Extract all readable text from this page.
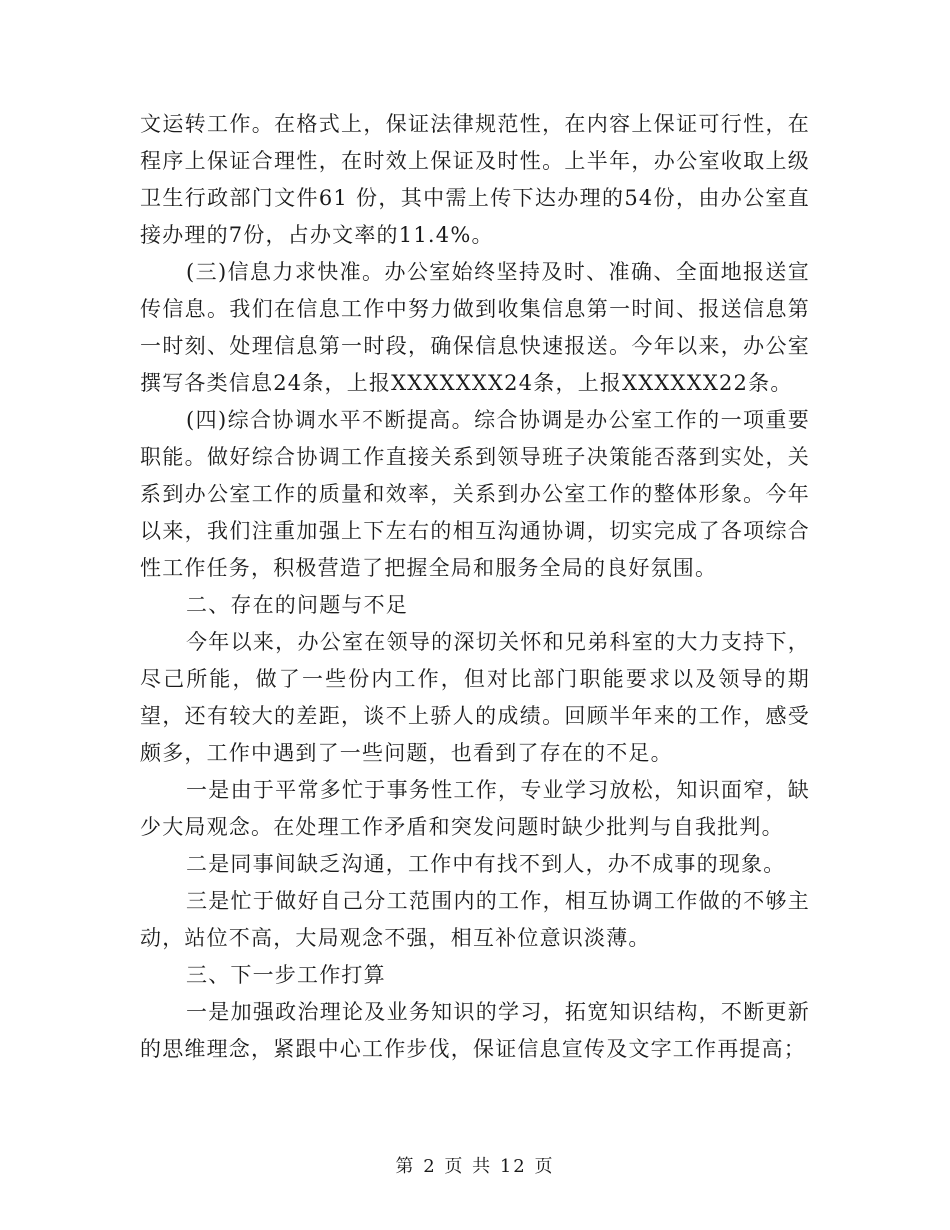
文运转工作。在格式上，保证法律规范性，在内容上保证可行性，在程序上保证合理性，在时效上保证及时性。上半年，办公室收取上级卫生行政部门文件61 份，其中需上传下达办理的54份，由办公室直接办理的7份，占办文率的11.4%。

(三)信息力求快准。办公室始终坚持及时、准确、全面地报送宣传信息。我们在信息工作中努力做到收集信息第一时间、报送信息第一时刻、处理信息第一时段，确保信息快速报送。今年以来，办公室撰写各类信息24条，上报XXXXXXX24条，上报XXXXXX22条。

(四)综合协调水平不断提高。综合协调是办公室工作的一项重要职能。做好综合协调工作直接关系到领导班子决策能否落到实处，关系到办公室工作的质量和效率，关系到办公室工作的整体形象。今年以来，我们注重加强上下左右的相互沟通协调，切实完成了各项综合性工作任务，积极营造了把握全局和服务全局的良好氛围。

二、存在的问题与不足

今年以来，办公室在领导的深切关怀和兄弟科室的大力支持下，尽己所能，做了一些份内工作，但对比部门职能要求以及领导的期望，还有较大的差距，谈不上骄人的成绩。回顾半年来的工作，感受颇多，工作中遇到了一些问题，也看到了存在的不足。

一是由于平常多忙于事务性工作，专业学习放松，知识面窄，缺少大局观念。在处理工作矛盾和突发问题时缺少批判与自我批判。

二是同事间缺乏沟通，工作中有找不到人，办不成事的现象。

三是忙于做好自己分工范围内的工作，相互协调工作做的不够主动，站位不高，大局观念不强，相互补位意识淡薄。

三、下一步工作打算

一是加强政治理论及业务知识的学习，拓宽知识结构，不断更新的思维理念，紧跟中心工作步伐，保证信息宣传及文字工作再提高；

第 2 页 共 12 页
